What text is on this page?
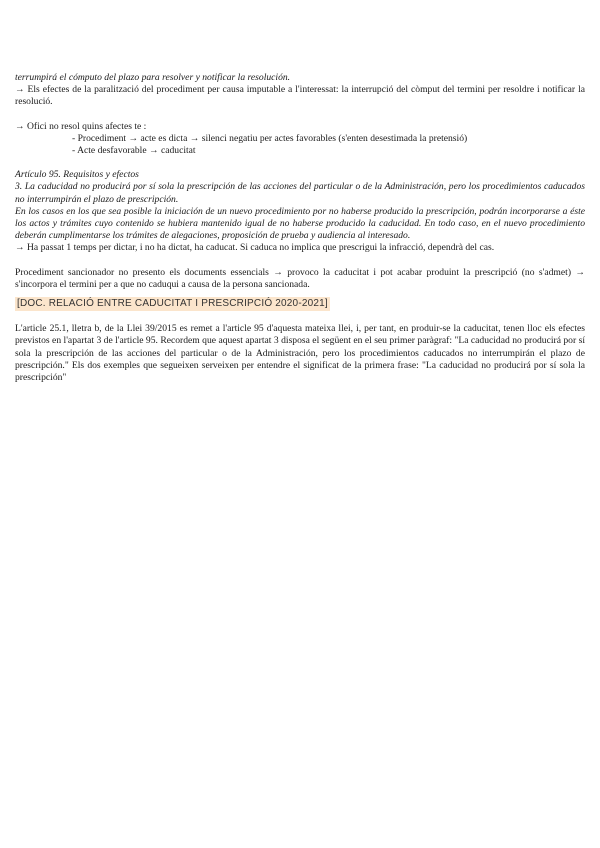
terrumpirá el cómputo del plazo para resolver y notificar la resolución.

→ Els efectes de la paralització del procediment per causa imputable a l'interessat: la interrupció del còmput del termini per resoldre i notificar la resolució.

→ Ofici no resol quins afectes te :

- Procediment → acte es dicta → silenci negatiu per actes favorables (s'enten desestimada la pretensió)

- Acte desfavorable → caducitat

Artículo 95. Requisitos y efectos

3. La caducidad no producirá por sí sola la prescripción de las acciones del particular o de la Administración, pero los procedimientos caducados no interrumpirán el plazo de prescripción.

En los casos en los que sea posible la iniciación de un nuevo procedimiento por no haberse producido la prescripción, podrán incorporarse a éste los actos y trámites cuyo contenido se hubiera mantenido igual de no haberse producido la caducidad. En todo caso, en el nuevo procedimiento deberán cumplimentarse los trámites de alegaciones, proposición de prueba y audiencia al interesado.

→ Ha passat 1 temps per dictar, i no ha dictat, ha caducat. Si caduca no implica que prescrigui la infracció, dependrà del cas.

Procediment sancionador no presento els documents essencials → provoco la caducitat i pot acabar produint la prescripció (no s'admet) → s'incorpora el termini per a que no caduqui a causa de la persona sancionada.

[DOC. RELACIÓ ENTRE CADUCITAT I PRESCRIPCIÓ 2020-2021]

L'article 25.1, lletra b, de la Llei 39/2015 es remet a l'article 95 d'aquesta mateixa llei, i, per tant, en produir-se la caducitat, tenen lloc els efectes previstos en l'apartat 3 de l'article 95. Recordem que aquest apartat 3 disposa el següent en el seu primer paràgraf: "La caducidad no producirá por sí sola la prescripción de las acciones del particular o de la Administración, pero los procedimientos caducados no interrumpirán el plazo de prescripción." Els dos exemples que segueixen serveixen per entendre el significat de la primera frase: "La caducidad no producirá por sí sola la prescripción"
